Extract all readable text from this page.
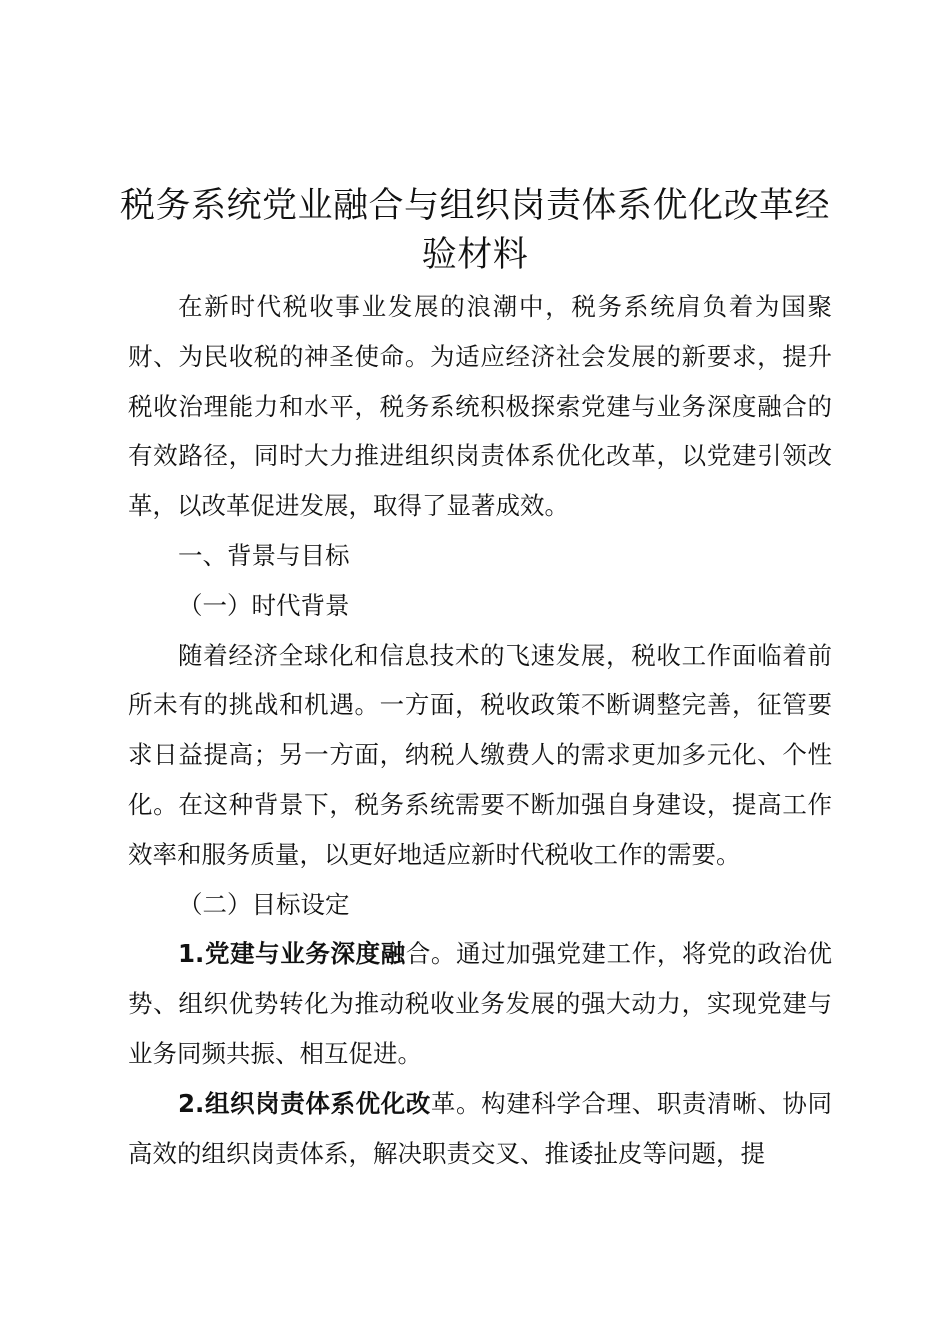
税务系统党业融合与组织岗责体系优化改革经
验材料

在新时代税收事业发展的浪潮中，税务系统肩负着为国聚财、为民收税的神圣使命。为适应经济社会发展的新要求，提升税收治理能力和水平，税务系统积极探索党建与业务深度融合的有效路径，同时大力推进组织岗责体系优化改革，以党建引领改革，以改革促进发展，取得了显著成效。

一、背景与目标

（一）时代背景

随着经济全球化和信息技术的飞速发展，税收工作面临着前所未有的挑战和机遇。一方面，税收政策不断调整完善，征管要求日益提高；另一方面，纳税人缴费人的需求更加多元化、个性化。在这种背景下，税务系统需要不断加强自身建设，提高工作效率和服务质量，以更好地适应新时代税收工作的需要。

（二）目标设定

1.党建与业务深度融合。通过加强党建工作，将党的政治优势、组织优势转化为推动税收业务发展的强大动力，实现党建与业务同频共振、相互促进。

2.组织岗责体系优化改革。构建科学合理、职责清晰、协同高效的组织岗责体系，解决职责交叉、推诿扯皮等问题，提
